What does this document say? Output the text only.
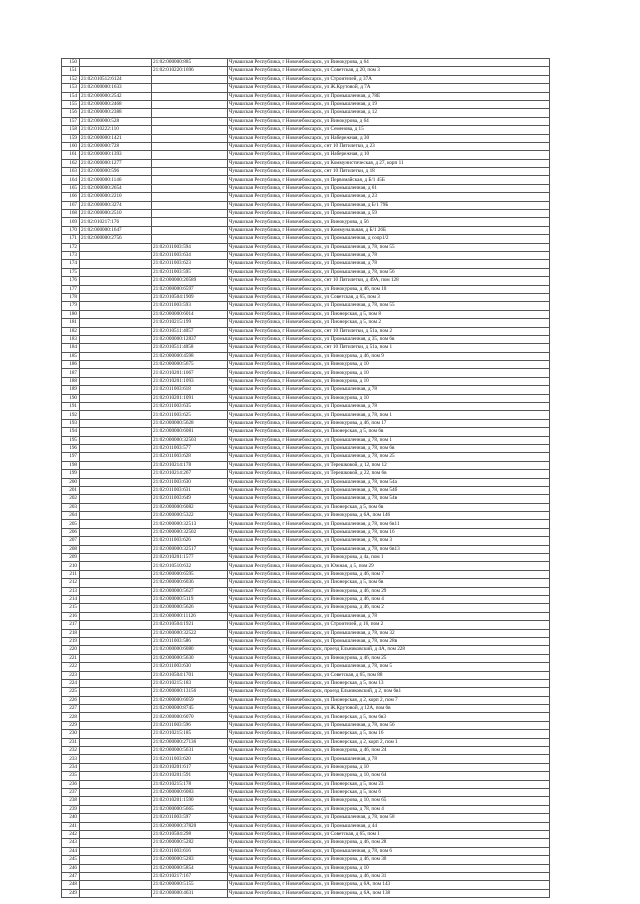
150		21:02:000000:885	Чувашская Республика, г Новочебоксарск, ул Винокурова, д 64
151		21:02:010220:1696	Чувашская Республика, г Новочебоксарск, ул Советская, д 20, пом 3
152	21:02:010512:6124		Чувашская Республика, г Новочебоксарск, ул Строителей, д 37А
153	21:02:000000:1633		Чувашская Республика, г Новочебоксарск, ул Ж.Крутовой, д 7А
154	21:02:000000:2542		Чувашская Республика, г Новочебоксарск, ул Промышленная, д 78Е
155	21:02:000000:2468		Чувашская Республика, г Новочебоксарск, ул Промышленная, д 19
156	21:02:000000:2388		Чувашская Республика, г Новочебоксарск, ул Промышленная, д 12
157	21:02:000000:528		Чувашская Республика, г Новочебоксарск, ул Винокурова, д 64
158	21:02:010222:110		Чувашская Республика, г Новочебоксарск, ул Семенова, д 15
159	21:02:000000:1421		Чувашская Республика, г Новочебоксарск, ул Набережная, д 30
160	21:02:000000:728		Чувашская Республика, г Новочебоксарск, снт 10 Пятилетки, д 23
161	21:02:000000:1393		Чувашская Республика, г Новочебоксарск, ул Набережная, д 10
162	21:02:000000:1277		Чувашская Республика, г Новочебоксарск, ул Коммунистическая, д 27, корп 11
163	21:02:000000:596		Чувашская Республика, г Новочебоксарск, снт 10 Пятилетки, д 18
164	21:02:000000:1146		Чувашская Республика, г Новочебоксарск, ул Первомайская, д Б/1 45Б
165	21:02:000000:2654		Чувашская Республика, г Новочебоксарск, ул Промышленная, д 61
166	21:02:000000:2210		Чувашская Республика, г Новочебоксарск, ул Промышленная, д 23
167	21:02:000000:3274		Чувашская Республика, г Новочебоксарск, ул Промышленная, д Б/1 79Б
168	21:02:000000:2510		Чувашская Республика, г Новочебоксарск, ул Промышленная, д 59
169	21:02:010217:176		Чувашская Республика, г Новочебоксарск, ул Винокурова, д 56
170	21:02:000000:1647		Чувашская Республика, г Новочебоксарск, ул Коммунальная, д Б/1 26Б
171	21:02:000000:2756		Чувашская Республика, г Новочебоксарск, ул Промышленная, д соор1/2
172		21:02:011003:594	Чувашская Республика, г Новочебоксарск, ул Промышленная, д 78, пом 55
173		21:02:011003:634	Чувашская Республика, г Новочебоксарск, ул Промышленная, д 78
174		21:02:011003:623	Чувашская Республика, г Новочебоксарск, ул Промышленная, д 78
175		21:02:011003:595	Чувашская Республика, г Новочебоксарск, ул Промышленная, д 78, пом 56
176		21:02:000000:20589	Чувашская Республика, г Новочебоксарск, снт 10 Пятилетки, д 49А, пом 128
177		21:02:000000:6597	Чувашская Республика, г Новочебоксарск, ул Винокурова, д 46, пом 10
178		21:02:010504:1909	Чувашская Республика, г Новочебоксарск, ул Советская, д 65, пом 3
179		21:02:011003:593	Чувашская Республика, г Новочебоксарск, ул Промышленная, д 78, пом 55
180		21:02:000000:6014	Чувашская Республика, г Новочебоксарск, ул Пионерская, д 5, пом 8
181		21:02:010215:199	Чувашская Республика, г Новочебоксарск, ул Пионерская, д 5, пом 2
182		21:02:010511:4057	Чувашская Республика, г Новочебоксарск, снт 10 Пятилетки, д 51а, пом 2
183		21:02:000000:12837	Чувашская Республика, г Новочебоксарск, ул Промышленная, д 35, пом 6в
184		21:02:010511:4058	Чувашская Республика, г Новочебоксарск, снт 10 Пятилетки, д 51а, пом 1
185		21:02:000000:4598	Чувашская Республика, г Новочебоксарск, ул Винокурова, д 46, пом 9
186		21:02:000000:5675	Чувашская Республика, г Новочебоксарск, ул Винокурова, д 10
187		21:02:010201:1067	Чувашская Республика, г Новочебоксарск, ул Винокурова, д 10
188		21:02:010201:1093	Чувашская Республика, г Новочебоксарск, ул Винокурова, д 10
189		21:02:011003:618	Чувашская Республика, г Новочебоксарск, ул Промышленная, д 78
190		21:02:010201:1091	Чувашская Республика, г Новочебоксарск, ул Винокурова, д 10
191		21:02:011003:635	Чувашская Республика, г Новочебоксарск, ул Промышленная, д 78
192		21:02:011003:625	Чувашская Республика, г Новочебоксарск, ул Промышленная, д 78, пом 1
193		21:02:000000:5628	Чувашская Республика, г Новочебоксарск, ул Винокурова, д 46, пом 17
194		21:02:000000:6081	Чувашская Республика, г Новочебоксарск, ул Пионерская, д 5, пом 6в
195		21:02:000000:32503	Чувашская Республика, г Новочебоксарск, ул Промышленная, д 78, пом 1
196		21:02:011003:577	Чувашская Республика, г Новочебоксарск, ул Промышленная, д 78, пом 6в
197		21:02:011003:628	Чувашская Республика, г Новочебоксарск, ул Промышленная, д 78, пом 25
198		21:02:010214:178	Чувашская Республика, г Новочебоксарск, ул Терешковой, д 12, пом 12
199		21:02:010214:267	Чувашская Республика, г Новочебоксарск, ул Терешковой, д 22, пом 6в
200		21:02:011003:630	Чувашская Республика, г Новочебоксарск, ул Промышленная, д 78, пом 54а
201		21:02:011003:631	Чувашская Республика, г Новочебоксарск, ул Промышленная, д 78, пом 54б
202		21:02:011003:649	Чувашская Республика, г Новочебоксарск, ул Промышленная, д 78, пом 54в
203		21:02:000000:6082	Чувашская Республика, г Новочебоксарск, ул Пионерская, д 5, пом 6в
204		21:02:000000:5322	Чувашская Республика, г Новочебоксарск, ул Винокурова, д 6А, пом 146
205		21:02:000000:32513	Чувашская Республика, г Новочебоксарск, ул Промышленная, д 78, пом 6в11
206		21:02:000000:32502	Чувашская Республика, г Новочебоксарск, ул Промышленная, д 78, пом 16
207		21:02:011003:626	Чувашская Республика, г Новочебоксарск, ул Промышленная, д 78, пом 3
208		21:02:000000:32517	Чувашская Республика, г Новочебоксарск, ул Промышленная, д 78, пом 6в13
209		21:02:010201:1577	Чувашская Республика, г Новочебоксарск, ул Винокурова, д 4а, пом 1
210		21:02:010510:632	Чувашская Республика, г Новочебоксарск, ул Южная, д 5, пом 29
211		21:02:000000:6595	Чувашская Республика, г Новочебоксарск, ул Винокурова, д 46, пом 7
212		21:02:000000:6036	Чувашская Республика, г Новочебоксарск, ул Пионерская, д 5, пом 6в
213		21:02:000000:5627	Чувашская Республика, г Новочебоксарск, ул Винокурова, д 46, пом 29
214		21:02:000000:5119	Чувашская Республика, г Новочебоксарск, ул Винокурова, д 46, пом 4
215		21:02:000000:5626	Чувашская Республика, г Новочебоксарск, ул Винокурова, д 46, пом 2
216		21:02:000000:11126	Чувашская Республика, г Новочебоксарск, ул Промышленная, д 78
217		21:02:010504:1921	Чувашская Республика, г Новочебоксарск, ул Строителей, д 16, пом 2
218		21:02:000000:32522	Чувашская Республика, г Новочебоксарск, ул Промышленная, д 78, пом 32
219		21:02:011003:586	Чувашская Республика, г Новочебоксарск, ул Промышленная, д 78, пом 28в
220		21:02:000000:6080	Чувашская Республика, г Новочебоксарск, проезд Ельниковский, д 4А, пом 228
221		21:02:000000:5630	Чувашская Республика, г Новочебоксарск, ул Винокурова, д 46, пом 25
222		21:02:011003:630	Чувашская Республика, г Новочебоксарск, ул Промышленная, д 78, пом 5
223		21:02:010504:1701	Чувашская Республика, г Новочебоксарск, ул Советская, д 65, пом 88
224		21:02:010215:183	Чувашская Республика, г Новочебоксарск, ул Пионерская, д 5, пом 13
225		21:02:000000:13156	Чувашская Республика, г Новочебоксарск, проезд Ельниковский, д 2, пом 6в1
226		21:02:000000:6059	Чувашская Республика, г Новочебоксарск, ул Пионерская, д 2, корп 2, пом 7
227		21:02:000000:8745	Чувашская Республика, г Новочебоксарск, ул Ж.Крутовой, д 12А, пом 6в
228		21:02:000000:6070	Чувашская Республика, г Новочебоксарск, ул Пионерская, д 5, пом 6в3
229		21:02:011003:596	Чувашская Республика, г Новочебоксарск, ул Промышленная, д 78, пом 56
230		21:02:010215:185	Чувашская Республика, г Новочебоксарск, ул Пионерская, д 5, пом 16
231		21:02:000000:27136	Чувашская Республика, г Новочебоксарск, ул Пионерская, д 2, корп 2, пом 1
232		21:02:000000:5631	Чувашская Республика, г Новочебоксарск, ул Винокурова, д 46, пом 24
233		21:02:011003:620	Чувашская Республика, г Новочебоксарск, ул Промышленная, д 78
234		21:02:010201:617	Чувашская Республика, г Новочебоксарск, ул Винокурова, д 10
235		21:02:010201:591	Чувашская Республика, г Новочебоксарск, ул Винокурова, д 10, пом 64
236		21:02:010215:178	Чувашская Республика, г Новочебоксарск, ул Пионерская, д 5, пом 23
237		21:02:000000:6083	Чувашская Республика, г Новочебоксарск, ул Пионерская, д 5, пом 6
238		21:02:010201:1590	Чувашская Республика, г Новочебоксарск, ул Винокурова, д 10, пом 65
239		21:02:000000:5665	Чувашская Республика, г Новочебоксарск, ул Винокурова, д 78, пом 4
240		21:02:011003:597	Чувашская Республика, г Новочебоксарск, ул Промышленная, д 78, пом 58
241		21:02:000000:37820	Чувашская Республика, г Новочебоксарск, ул Промышленная, д 44
242		21:02:010504:298	Чувашская Республика, г Новочебоксарск, ул Советская, д 65, пом 1
243		21:02:000000:5282	Чувашская Республика, г Новочебоксарск, ул Винокурова, д 46, пом 28
244		21:02:011003:616	Чувашская Республика, г Новочебоксарск, ул Промышленная, д 78, пом 6
245		21:02:000000:5283	Чувашская Республика, г Новочебоксарск, ул Винокурова, д 46, пом 30
246		21:02:000000:5854	Чувашская Республика, г Новочебоксарск, ул Винокурова, д 10
247		21:02:010217:167	Чувашская Республика, г Новочебоксарск, ул Винокурова, д 46, пом 31
248		21:02:000000:5155	Чувашская Республика, г Новочебоксарск, ул Винокурова, д 6А, пом 143
249		21:02:000000:4631	Чувашская Республика, г Новочебоксарск, ул Винокурова, д 6А, пом 138
